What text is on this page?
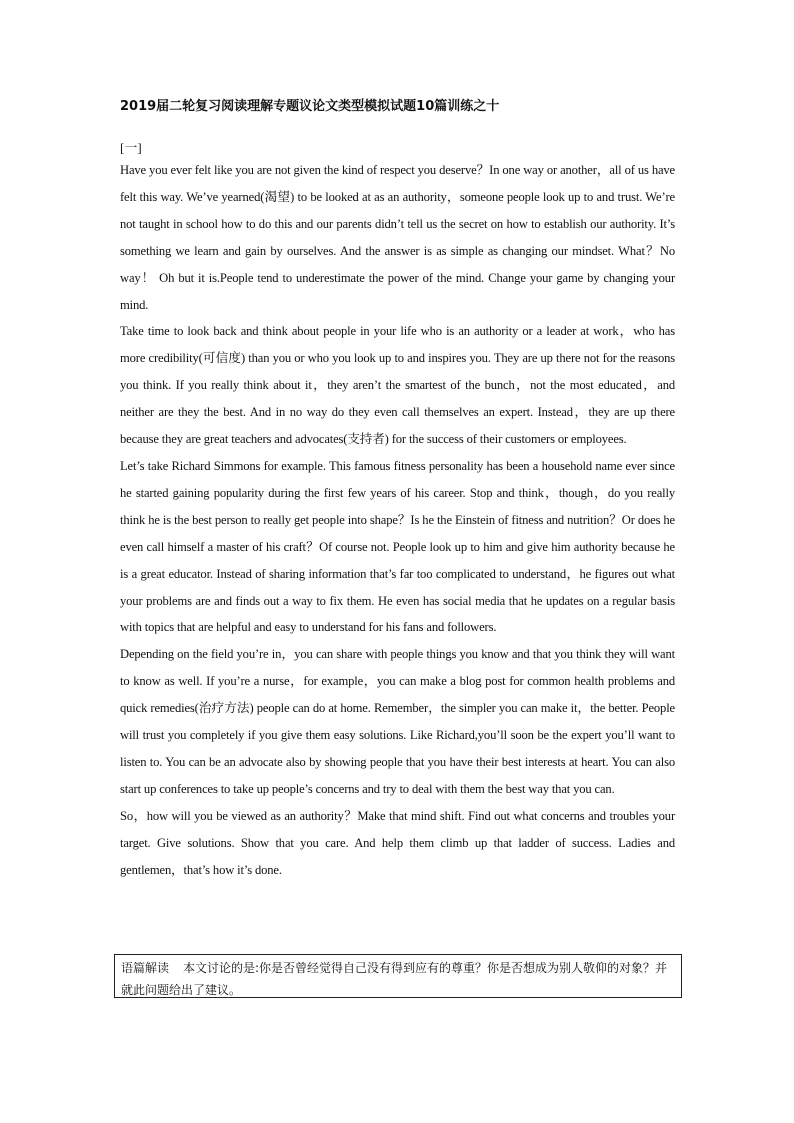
2019届二轮复习阅读理解专题议论文类型模拟试题10篇训练之十
[一]

Have you ever felt like you are not given the kind of respect you deserve？In one way or another，all of us have felt this way. We’ve yearned(渴望) to be looked at as an authority，someone people look up to and trust. We’re not taught in school how to do this and our parents didn’t tell us the secret on how to establish our authority. It’s something we learn and gain by ourselves. And the answer is as simple as changing our mindset. What？No way！ Oh but it is.People tend to underestimate the power of the mind. Change your game by changing your mind.

Take time to look back and think about people in your life who is an authority or a leader at work，who has more credibility(可信度) than you or who you look up to and inspires you. They are up there not for the reasons you think. If you really think about it，they aren’t the smartest of the bunch，not the most educated，and neither are they the best. And in no way do they even call themselves an expert. Instead，they are up there because they are great teachers and advocates(支持者) for the success of their customers or employees.

Let’s take Richard Simmons for example. This famous fitness personality has been a household name ever since he started gaining popularity during the first few years of his career. Stop and think，though，do you really think he is the best person to really get people into shape？Is he the Einstein of fitness and nutrition？Or does he even call himself a master of his craft？Of course not. People look up to him and give him authority because he is a great educator. Instead of sharing information that’s far too complicated to understand，he figures out what your problems are and finds out a way to fix them. He even has social media that he updates on a regular basis with topics that are helpful and easy to understand for his fans and followers.

Depending on the field you’re in，you can share with people things you know and that you think they will want to know as well. If you’re a nurse，for example，you can make a blog post for common health problems and quick remedies(治疗方法) people can do at home. Remember，the simpler you can make it，the better. People will trust you completely if you give them easy solutions. Like Richard,you’ll soon be the expert you’ll want to listen to. You can be an advocate also by showing people that you have their best interests at heart. You can also start up conferences to take up people’s concerns and try to deal with them the best way that you can.

So，how will you be viewed as an authority？Make that mind shift. Find out what concerns and troubles your target. Give solutions. Show that you care. And help them climb up that ladder of success. Ladies and gentlemen，that’s how it’s done.

语篇解读 本文讨论的是:你是否曾经觉得自己没有得到应有的尊重？你是否想成为别人敬仰的对象？并就此问题给出了建议。
